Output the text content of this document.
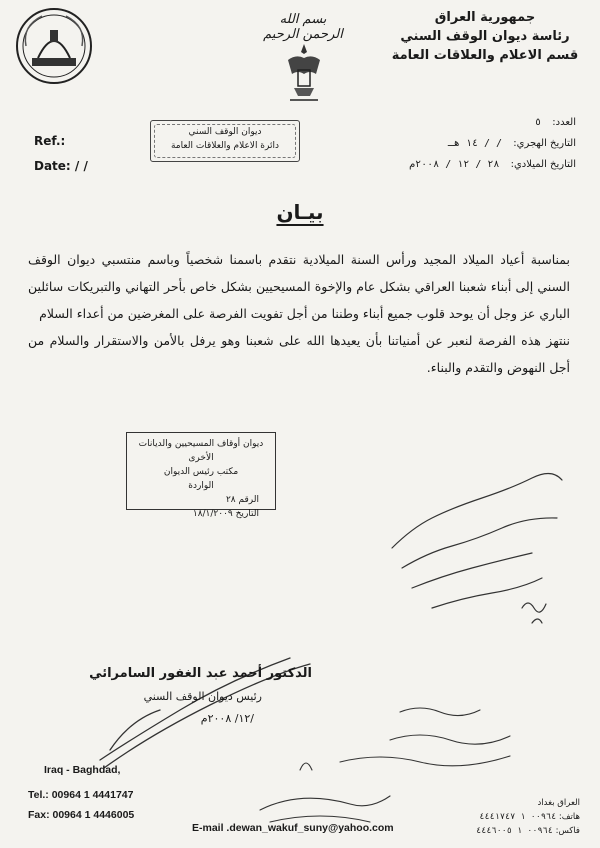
بسم الله الرحمن الرحيم
جمهورية العراق
رئاسة ديوان الوقف السني
قسم الاعلام والعلاقات العامة
Ref.:
Date: / /
ديوان الوقف السني
دائرة الاعلام والعلاقات العامة
العدد: ٥
التاريخ الهجري: / / ١٤ هـ
التاريخ الميلادي: ٢٨ / ١٢ / ٢٠٠٨م
بيـان

بمناسبة أعياد الميلاد المجيد ورأس السنة الميلادية نتقدم باسمنا شخصياً وباسم منتسبي ديوان الوقف السني إلى أبناء شعبنا العراقي بشكل عام والإخوة المسيحيين بشكل خاص بأحر التهاني والتبريكات سائلين الباري عز وجل أن يوحد قلوب جميع أبناء وطننا من أجل تفويت الفرصة على المغرضين من أعداء السلام

ننتهز هذه الفرصة لنعبر عن أمنياتنا بأن يعيدها الله على شعبنا وهو يرفل بالأمن والاستقرار والسلام من أجل النهوض والتقدم والبناء.

ديوان أوقاف المسيحيين والديانات الأخرى
مكتب رئيس الديوان
الواردة
الرقم ٢٨
التاريخ ١٨/١/٢٠٠٩
الدكتور أحمد عبد الغفور السامرائي
رئيس ديوان الوقف السني
/١٢/ ٢٠٠٨م
Iraq - Baghdad,
Tel.: 00964 1 4441747
Fax: 00964 1 4446005
E-mail .dewan_wakuf_suny@yahoo.com
العراق بغداد
هاتف: ٠٠٩٦٤ ١ ٤٤٤١٧٤٧
فاكس: ٠٠٩٦٤ ١ ٤٤٤٦٠٠٥
